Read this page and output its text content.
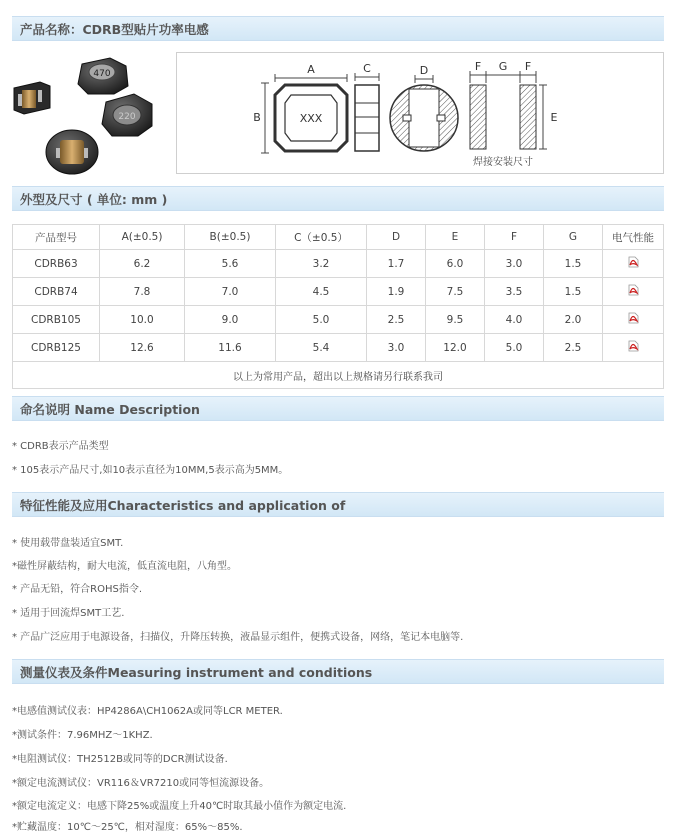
产品名称：CDRB型贴片功率电感
470
220
A
B	XXX
C	D	F G F
E
焊接安装尺寸
外型及尺寸 ( 单位: mm )
产品型号	A(±0.5)	B(±0.5)	C（±0.5）	D	E	F	G	电气性能
CDRB63	6.2	5.6	3.2	1.7	6.0	3.0	1.5	
CDRB74	7.8	7.0	4.5	1.9	7.5	3.5	1.5	
CDRB105	10.0	9.0	5.0	2.5	9.5	4.0	2.0	
CDRB125	12.6	11.6	5.4	3.0	12.0	5.0	2.5	
以上为常用产品，超出以上规格请另行联系我司								
命名说明 Name Description
* CDRB表示产品类型
* 105表示产品尺寸,如10表示直径为10MM,5表示高为5MM。
特征性能及应用Characteristics and application of
* 使用载带盘装适宜SMT.
*磁性屏蔽结构，耐大电流，低直流电阻，八角型。
* 产品无铅，符合ROHS指令.
* 适用于回流焊SMT工艺.
* 产品广泛应用于电源设备，扫描仪，升降压转换，液晶显示组件，便携式设备，网络，笔记本电脑等.
测量仪表及条件Measuring instrument and conditions
*电感值测试仪表：HP4286A\CH1062A或同等LCR METER.
*测试条件：7.96MHZ～1KHZ.
*电阻测试仪：TH2512B或同等的DCR测试设备.
*额定电流测试仪：VR116＆VR7210或同等恒流源设备。
*额定电流定义：电感下降25%或温度上升40℃时取其最小值作为额定电流.
*贮藏温度：10℃～25℃，相对湿度：65%～85%.
